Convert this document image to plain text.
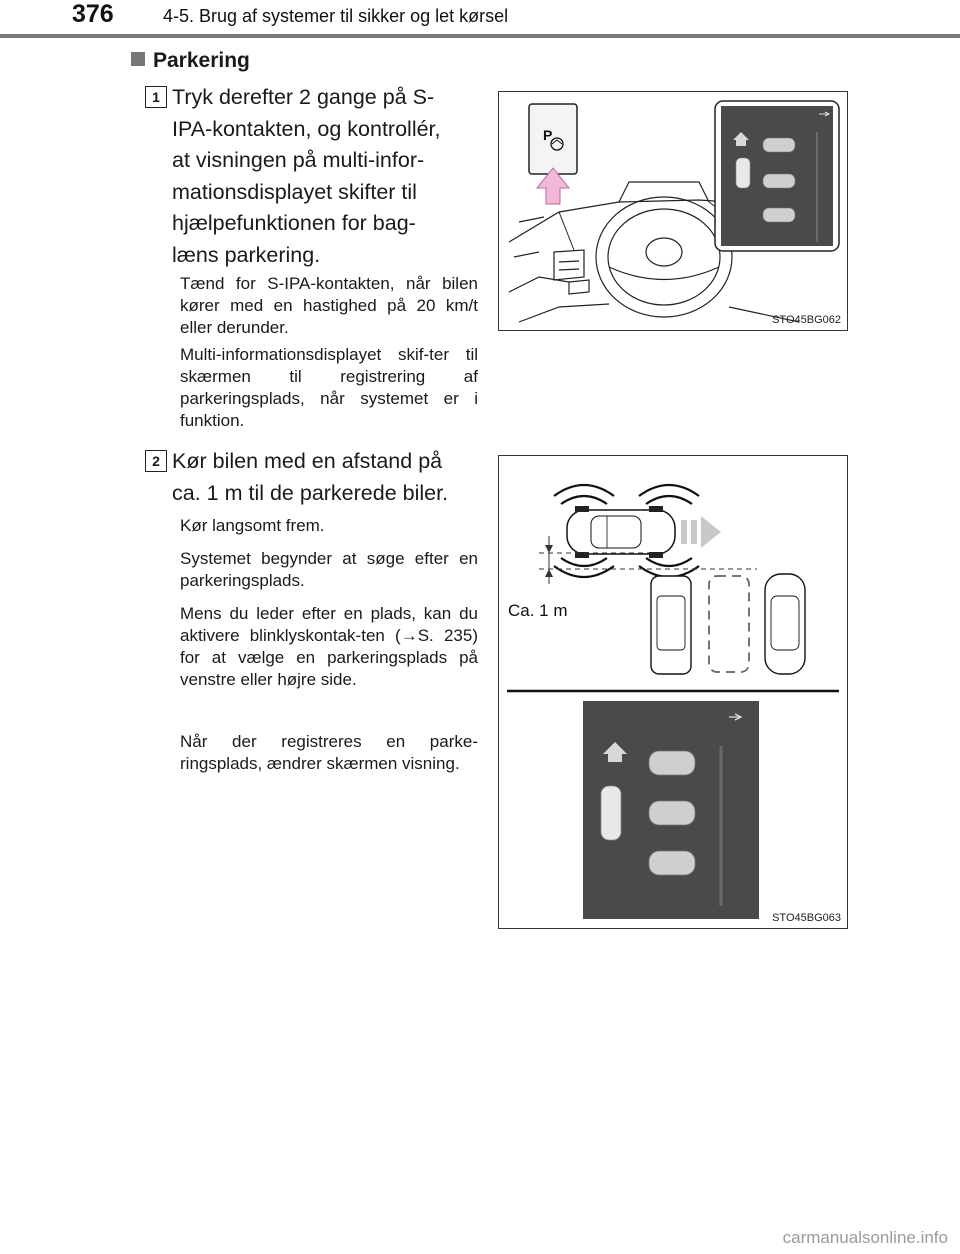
376	4-5. Brug af systemer til sikker og let kørsel
Parkering
1 Tryk derefter 2 gange på S-
IPA-kontakten, og kontrollér,
at visningen på multi-infor-
mationsdisplayet skifter til
hjælpefunktionen for bag-
læns parkering.
Tænd for S-IPA-kontakten, når bilen kører med en hastighed på 20 km/t eller derunder.
Multi-informationsdisplayet skif-ter til skærmen til registrering af parkeringsplads, når systemet er i funktion.
P
STO45BG062
2 Kør bilen med en afstand på
ca. 1 m til de parkerede biler.
Kør langsomt frem.
Systemet begynder at søge efter en parkeringsplads.
Mens du leder efter en plads, kan du aktivere blinklyskontak-ten (→S. 235) for at vælge en parkeringsplads på venstre eller højre side.
Når der registreres en parke-ringsplads, ændrer skærmen visning.
Ca. 1 m
STO45BG063
carmanualsonline.info
